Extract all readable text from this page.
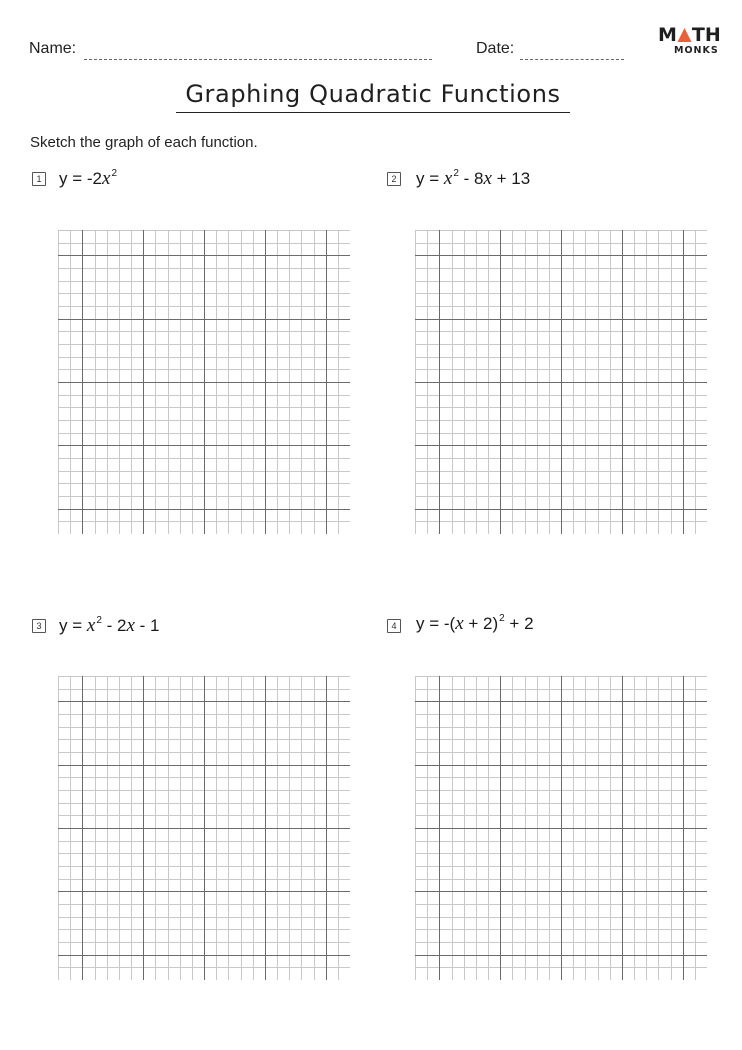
Name:	Date:
M TH
MONKS
Graphing Quadratic Functions
Sketch the graph of each function.
1 $y = -2x^2$	2 $y = x^2 - 8x + 13$
3 $y = x^2 - 2x - 1$	4 $y = -(x + 2)^2 + 2$
